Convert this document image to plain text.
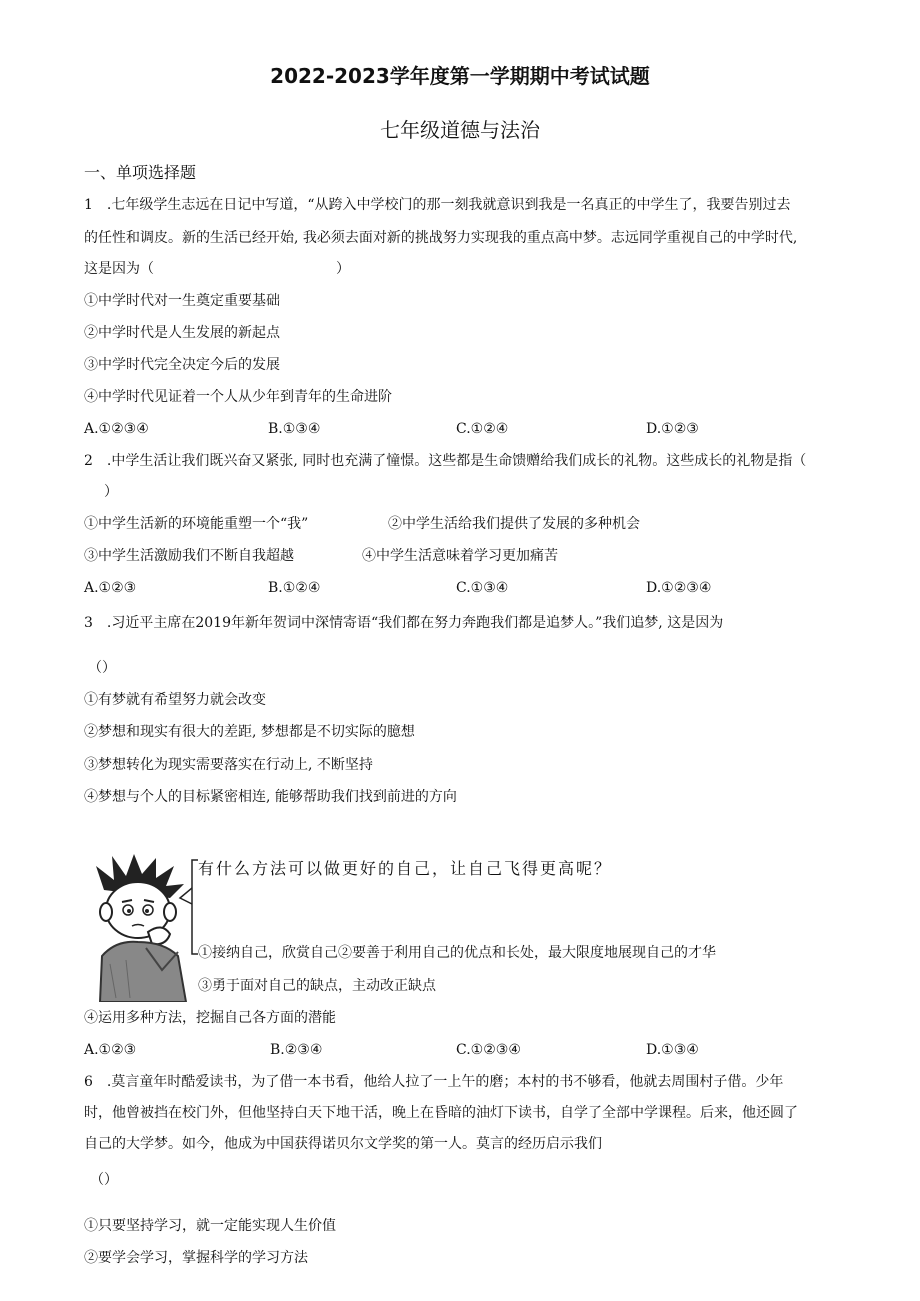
2022-2023学年度第一学期期中考试试题
七年级道德与法治
一、单项选择题
1　.七年级学生志远在日记中写道，“从跨入中学校门的那一刻我就意识到我是一名真正的中学生了，我要告别过去
的任性和调皮。新的生活已经开始, 我必须去面对新的挑战努力实现我的重点高中梦。志远同学重视自己的中学时代,
这是因为（　　　　　　　　　　　　　）
①中学时代对一生奠定重要基础
②中学时代是人生发展的新起点
③中学时代完全决定今后的发展
④中学时代见证着一个人从少年到青年的生命进阶
A.①②③④	B.①③④	C.①②④	D.①②③
2　.中学生活让我们既兴奋又紧张, 同时也充满了憧憬。这些都是生命馈赠给我们成长的礼物。这些成长的礼物是指（
）
①中学生活新的环境能重塑一个“我”	②中学生活给我们提供了发展的多种机会
③中学生活激励我们不断自我超越	④中学生活意味着学习更加痛苦
A.①②③	B.①②④	C.①③④	D.①②③④
3　.习近平主席在2019年新年贺词中深情寄语“我们都在努力奔跑我们都是追梦人。”我们追梦, 这是因为
（）
①有梦就有希望努力就会改变
②梦想和现实有很大的差距, 梦想都是不切实际的臆想
③梦想转化为现实需要落实在行动上, 不断坚持
④梦想与个人的目标紧密相连, 能够帮助我们找到前进的方向
有什么方法可以做更好的自己，让自己飞得更高呢？
①接纳自己，欣赏自己②要善于利用自己的优点和长处，最大限度地展现自己的才华
③勇于面对自己的缺点，主动改正缺点
④运用多种方法，挖掘自己各方面的潜能
A.①②③	B.②③④	C.①②③④	D.①③④
6　.莫言童年时酷爱读书，为了借一本书看，他给人拉了一上午的磨；本村的书不够看，他就去周围村子借。少年
时，他曾被挡在校门外，但他坚持白天下地干活，晚上在昏暗的油灯下读书，自学了全部中学课程。后来，他还圆了
自己的大学梦。如今，他成为中国获得诺贝尔文学奖的第一人。莫言的经历启示我们
（）
①只要坚持学习，就一定能实现人生价值
②要学会学习，掌握科学的学习方法
